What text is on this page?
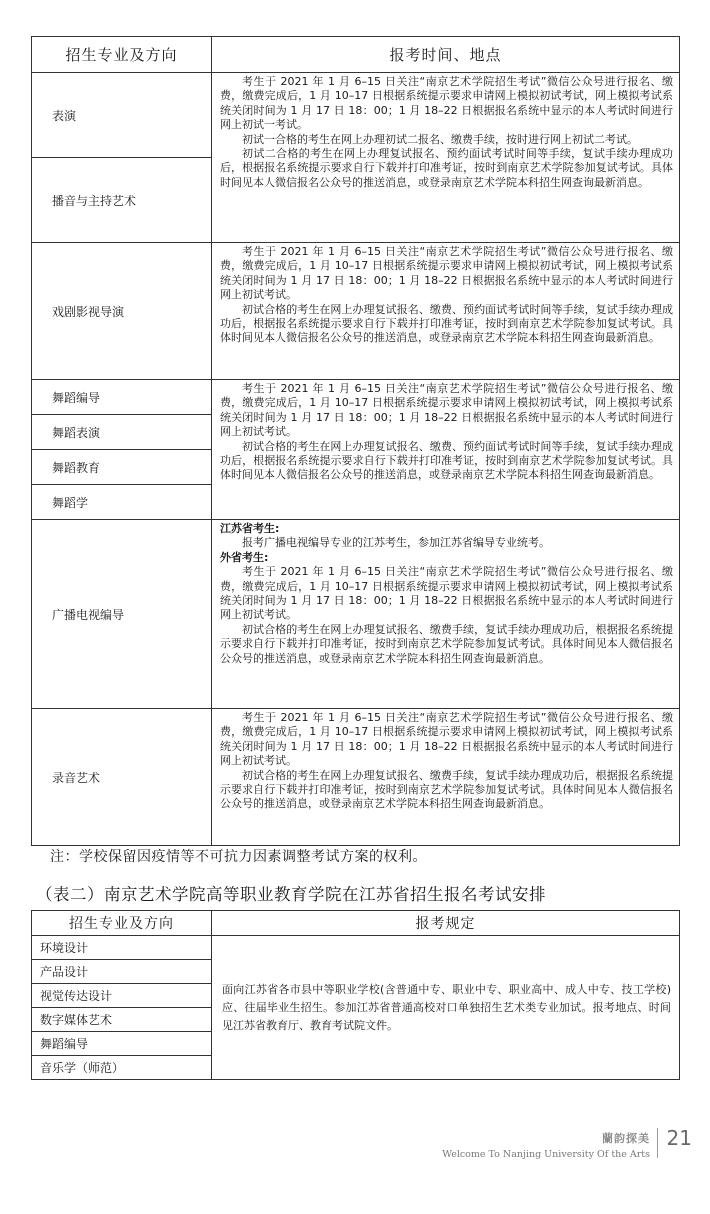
招生专业及方向	报考时间、地点
表演	考生于 2021 年 1 月 6–15 日关注“南京艺术学院招生考试”微信公众号进行报名、缴费，缴费完成后，1 月 10–17 日根据系统提示要求申请网上模拟初试考试，网上模拟考试系统关闭时间为 1 月 17 日 18：00；1 月 18–22 日根据报名系统中显示的本人考试时间进行网上初试一考试。

初试一合格的考生在网上办理初试二报名、缴费手续，按时进行网上初试二考试。

初试二合格的考生在网上办理复试报名、预约面试考试时间等手续，复试手续办理成功后，根据报名系统提示要求自行下载并打印准考证，按时到南京艺术学院参加复试考试。具体时间见本人微信报名公众号的推送消息，或登录南京艺术学院本科招生网查询最新消息。

播音与主持艺术	
戏剧影视导演	考生于 2021 年 1 月 6–15 日关注“南京艺术学院招生考试”微信公众号进行报名、缴费，缴费完成后，1 月 10–17 日根据系统提示要求申请网上模拟初试考试，网上模拟考试系统关闭时间为 1 月 17 日 18：00；1 月 18–22 日根据报名系统中显示的本人考试时间进行网上初试考试。

初试合格的考生在网上办理复试报名、缴费、预约面试考试时间等手续，复试手续办理成功后，根据报名系统提示要求自行下载并打印准考证，按时到南京艺术学院参加复试考试。具体时间见本人微信报名公众号的推送消息，或登录南京艺术学院本科招生网查询最新消息。

舞蹈编导	考生于 2021 年 1 月 6–15 日关注“南京艺术学院招生考试”微信公众号进行报名、缴费，缴费完成后，1 月 10–17 日根据系统提示要求申请网上模拟初试考试，网上模拟考试系统关闭时间为 1 月 17 日 18：00；1 月 18–22 日根据报名系统中显示的本人考试时间进行网上初试考试。

初试合格的考生在网上办理复试报名、缴费、预约面试考试时间等手续，复试手续办理成功后，根据报名系统提示要求自行下载并打印准考证，按时到南京艺术学院参加复试考试。具体时间见本人微信报名公众号的推送消息，或登录南京艺术学院本科招生网查询最新消息。

舞蹈表演	
舞蹈教育	
舞蹈学	
广播电视编导	江苏省考生:

报考广播电视编导专业的江苏考生，参加江苏省编导专业统考。

外省考生:

考生于 2021 年 1 月 6–15 日关注“南京艺术学院招生考试”微信公众号进行报名、缴费，缴费完成后，1 月 10–17 日根据系统提示要求申请网上模拟初试考试，网上模拟考试系统关闭时间为 1 月 17 日 18：00；1 月 18–22 日根据报名系统中显示的本人考试时间进行网上初试考试。

初试合格的考生在网上办理复试报名、缴费手续，复试手续办理成功后，根据报名系统提示要求自行下载并打印准考证，按时到南京艺术学院参加复试考试。具体时间见本人微信报名公众号的推送消息，或登录南京艺术学院本科招生网查询最新消息。

录音艺术	考生于 2021 年 1 月 6–15 日关注“南京艺术学院招生考试”微信公众号进行报名、缴费，缴费完成后，1 月 10–17 日根据系统提示要求申请网上模拟初试考试，网上模拟考试系统关闭时间为 1 月 17 日 18：00；1 月 18–22 日根据报名系统中显示的本人考试时间进行网上初试考试。

初试合格的考生在网上办理复试报名、缴费手续，复试手续办理成功后，根据报名系统提示要求自行下载并打印准考证，按时到南京艺术学院参加复试考试。具体时间见本人微信报名公众号的推送消息，或登录南京艺术学院本科招生网查询最新消息。

注：学校保留因疫情等不可抗力因素调整考试方案的权利。
（表二）南京艺术学院高等职业教育学院在江苏省招生报名考试安排
招生专业及方向	报考规定
环境设计	面向江苏省各市县中等职业学校(含普通中专、职业中专、职业高中、成人中专、技工学校)应、往届毕业生招生。参加江苏省普通高校对口单独招生艺术类专业加试。报考地点、时间见江苏省教育厅、教育考试院文件。
产品设计	
视觉传达设计	
数字媒体艺术	
舞蹈编导	
音乐学（师范）	
蘭韵探美
Welcome To Nanjing University Of the Arts
21
